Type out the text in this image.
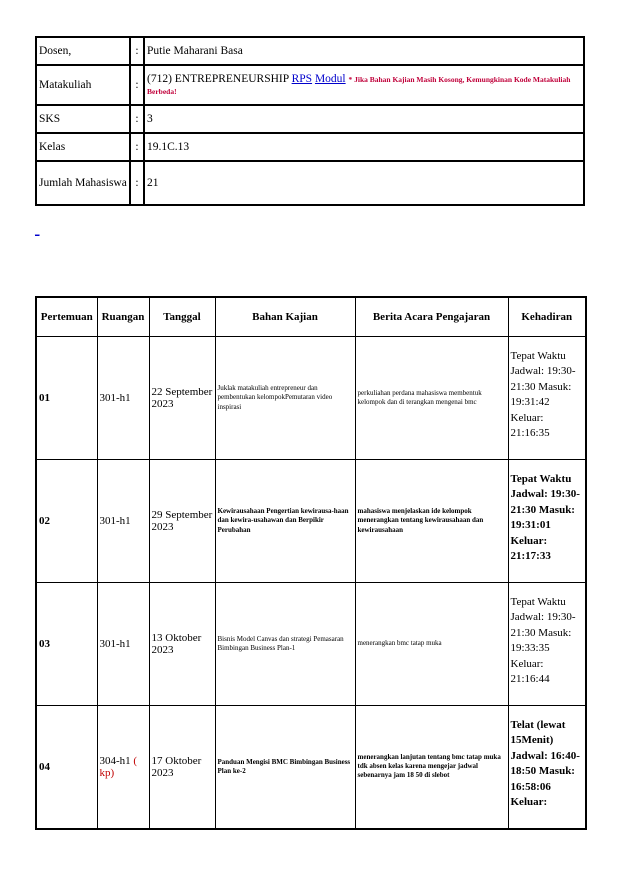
Dosen,	:	Putie Maharani Basa
Matakuliah	:	(712) ENTREPRENEURSHIP RPS Modul * Jika Bahan Kajian Masih Kosong, Kemungkinan Kode Matakuliah Berbeda!
SKS	:	3
Kelas	:	19.1C.13
Jumlah Mahasiswa	:	21
_
Pertemuan	Ruangan	Tanggal	Bahan Kajian	Berita Acara Pengajaran	Kehadiran
01	301-h1	22 September 2023	Juklak matakuliah entrepreneur dan pembentukan kelompokPemutaran video inspirasi	perkuliahan perdana mahasiswa membentuk kelompok dan di terangkan mengenai bmc	Tepat Waktu Jadwal: 19:30-21:30 Masuk: 19:31:42 Keluar: 21:16:35
02	301-h1	29 September 2023	Kewirausahaan Pengertian kewirausa-haan dan kewira-usahawan dan Berpikir Perubahan	mahasiswa menjelaskan ide kelompok menerangkan tentang kewirausahaan dan kewirausahaan	Tepat Waktu Jadwal: 19:30-21:30 Masuk: 19:31:01 Keluar: 21:17:33
03	301-h1	13 Oktober 2023	Bisnis Model Canvas dan strategi Pemasaran Bimbingan Business Plan-1	menerangkan bmc tatap muka	Tepat Waktu Jadwal: 19:30-21:30 Masuk: 19:33:35 Keluar: 21:16:44
04	304-h1 ( kp)	17 Oktober 2023	Panduan Mengisi BMC Bimbingan Business Plan ke-2	menerangkan lanjutan tentang bmc tatap muka tdk absen kelas karena mengejar jadwal sebenarnya jam 18 50 di slebot	Telat (lewat 15Menit) Jadwal: 16:40-18:50 Masuk: 16:58:06 Keluar:
